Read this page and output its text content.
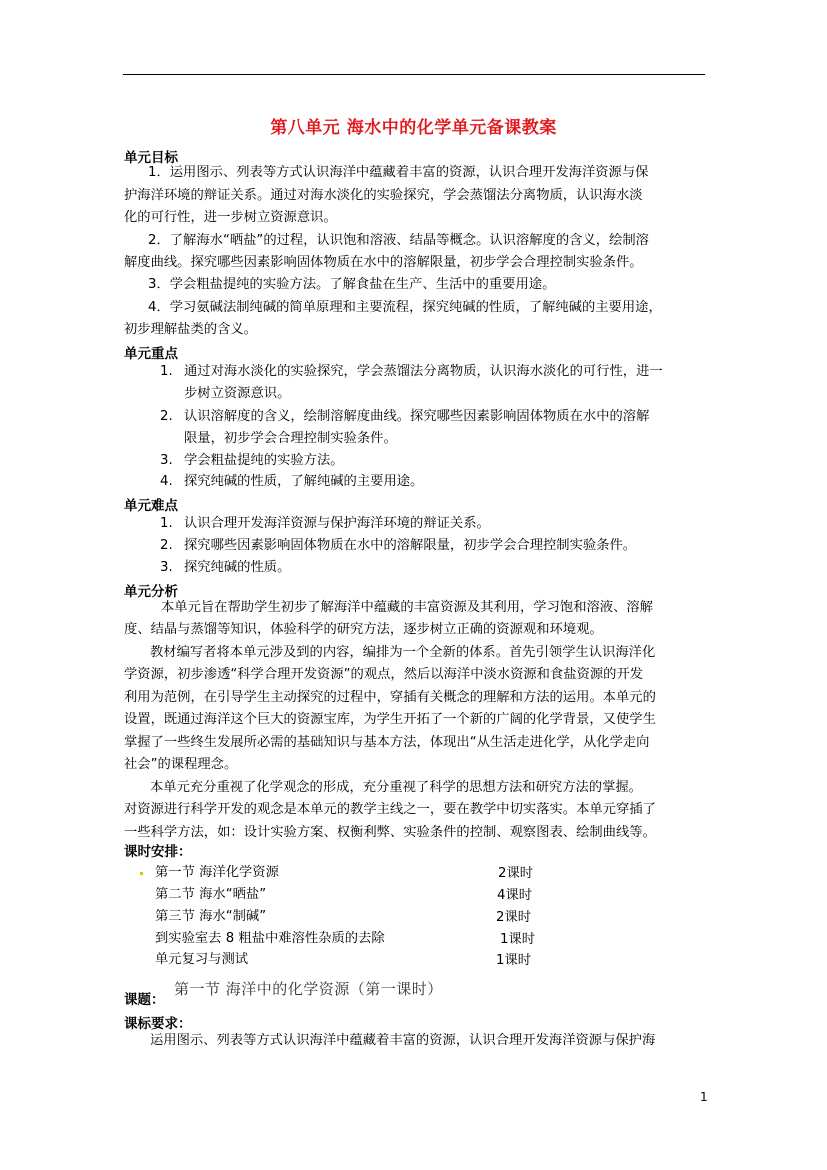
第八单元 海水中的化学单元备课教案
单元目标
1．运用图示、列表等方式认识海洋中蕴藏着丰富的资源，认识合理开发海洋资源与保
护海洋环境的辩证关系。通过对海水淡化的实验探究，学会蒸馏法分离物质，认识海水淡
化的可行性，进一步树立资源意识。
2．了解海水“晒盐”的过程，认识饱和溶液、结晶等概念。认识溶解度的含义，绘制溶
解度曲线。探究哪些因素影响固体物质在水中的溶解限量，初步学会合理控制实验条件。
3．学会粗盐提纯的实验方法。了解食盐在生产、生活中的重要用途。
4．学习氨碱法制纯碱的简单原理和主要流程，探究纯碱的性质，了解纯碱的主要用途，
初步理解盐类的含义。
单元重点
1. 通过对海水淡化的实验探究，学会蒸馏法分离物质，认识海水淡化的可行性，进一
步树立资源意识。
2. 认识溶解度的含义，绘制溶解度曲线。探究哪些因素影响固体物质在水中的溶解
限量，初步学会合理控制实验条件。
3. 学会粗盐提纯的实验方法。
4. 探究纯碱的性质，了解纯碱的主要用途。
单元难点
1. 认识合理开发海洋资源与保护海洋环境的辩证关系。
2. 探究哪些因素影响固体物质在水中的溶解限量，初步学会合理控制实验条件。
3. 探究纯碱的性质。
单元分析
本单元旨在帮助学生初步了解海洋中蕴藏的丰富资源及其利用，学习饱和溶液、溶解
度、结晶与蒸馏等知识，体验科学的研究方法，逐步树立正确的资源观和环境观。
教材编写者将本单元涉及到的内容，编排为一个全新的体系。首先引领学生认识海洋化
学资源，初步渗透“科学合理开发资源”的观点，然后以海洋中淡水资源和食盐资源的开发
利用为范例，在引导学生主动探究的过程中，穿插有关概念的理解和方法的运用。本单元的
设置，既通过海洋这个巨大的资源宝库，为学生开拓了一个新的广阔的化学背景，又使学生
掌握了一些终生发展所必需的基础知识与基本方法，体现出“从生活走进化学，从化学走向
社会”的课程理念。
本单元充分重视了化学观念的形成，充分重视了科学的思想方法和研究方法的掌握。
对资源进行科学开发的观念是本单元的教学主线之一，要在教学中切实落实。本单元穿插了
一些科学方法，如：设计实验方案、权衡利弊、实验条件的控制、观察图表、绘制曲线等。
课时安排：
第一节 海洋化学资源	2课时
第二节 海水“晒盐”	4课时
第三节 海水“制碱”	2课时
到实验室去 8 粗盐中难溶性杂质的去除	1课时
单元复习与测试	1课时
课题：
第一节 海洋中的化学资源（第一课时）
课标要求：
运用图示、列表等方式认识海洋中蕴藏着丰富的资源，认识合理开发海洋资源与保护海
1
